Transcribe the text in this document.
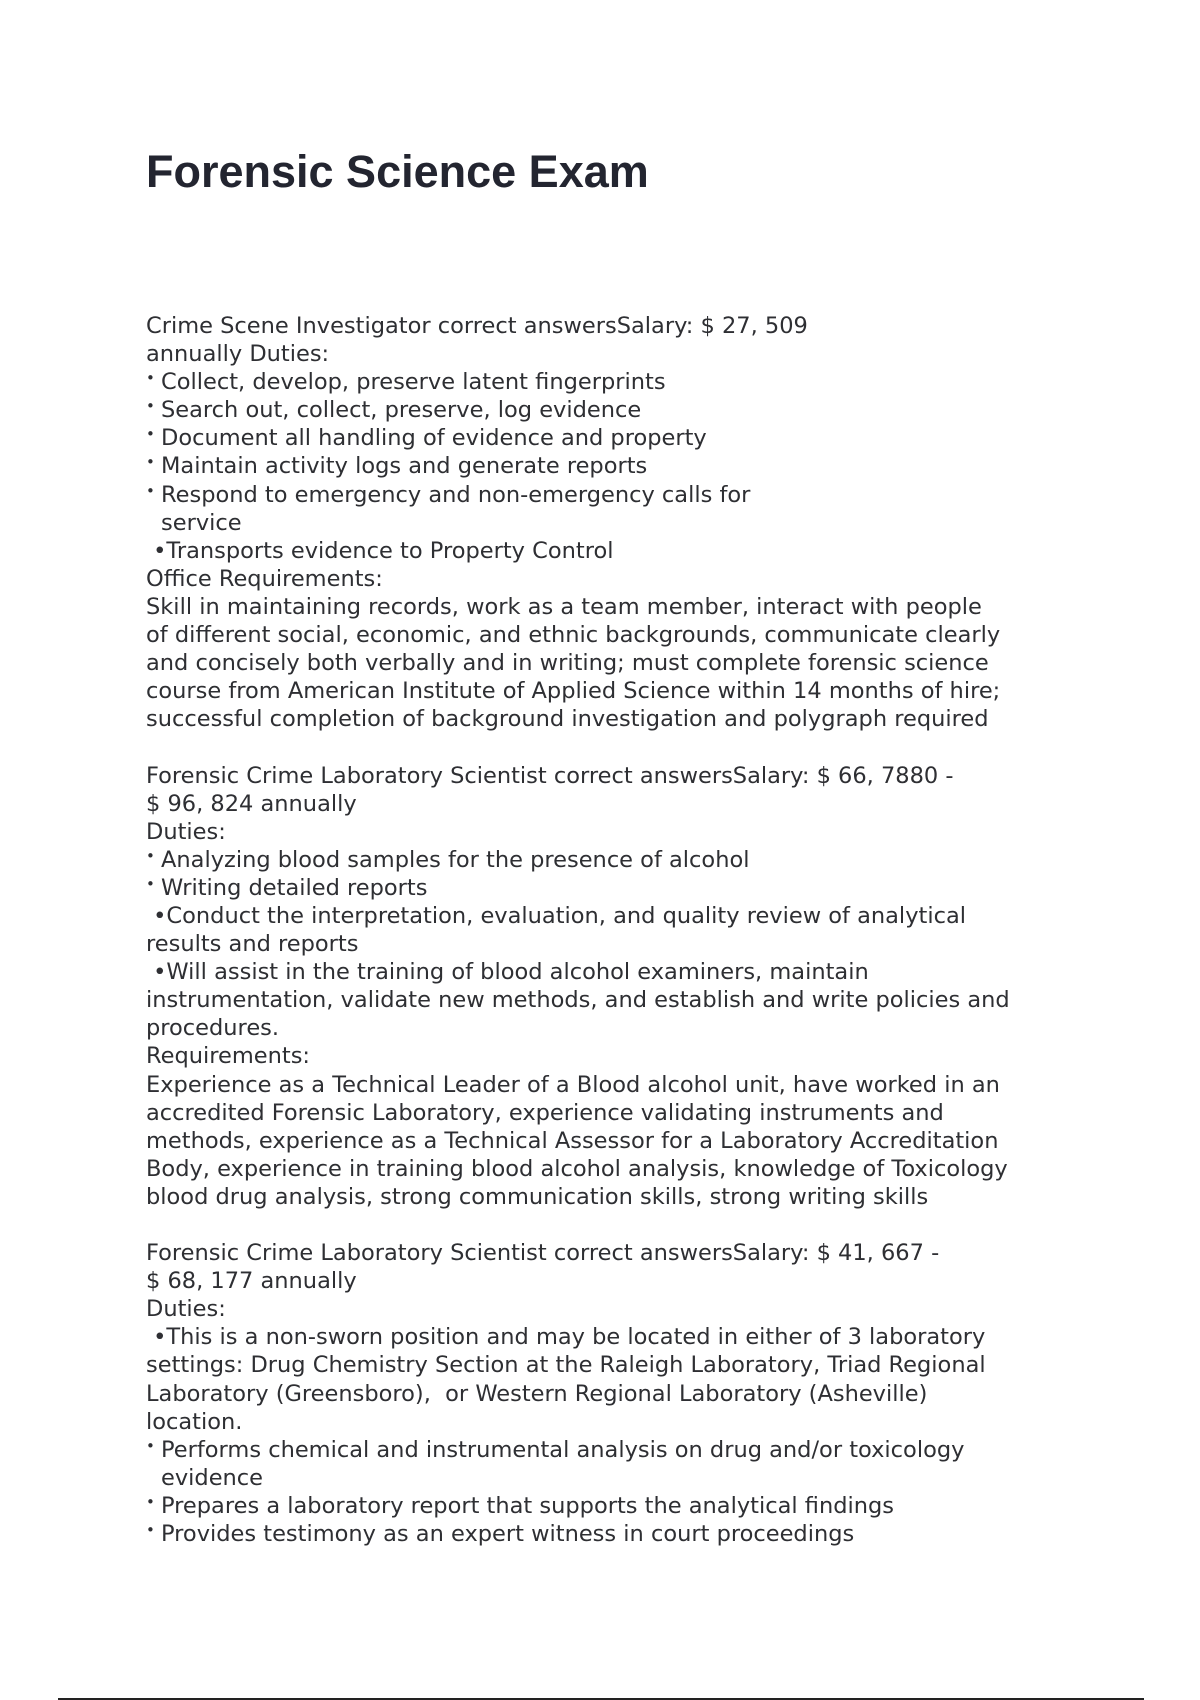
Forensic Science Exam
Crime Scene Investigator correct answersSalary: $ 27, 509
annually Duties:
• Collect, develop, preserve latent fingerprints
• Search out, collect, preserve, log evidence
• Document all handling of evidence and property
• Maintain activity logs and generate reports
• Respond to emergency and non-emergency calls for
service
•Transports evidence to Property Control
Office Requirements:
Skill in maintaining records, work as a team member, interact with people
of different social, economic, and ethnic backgrounds, communicate clearly
and concisely both verbally and in writing; must complete forensic science
course from American Institute of Applied Science within 14 months of hire;
successful completion of background investigation and polygraph required
Forensic Crime Laboratory Scientist correct answersSalary: $ 66, 7880 -
$ 96, 824 annually
Duties:
• Analyzing blood samples for the presence of alcohol
• Writing detailed reports
•Conduct the interpretation, evaluation, and quality review of analytical
results and reports
•Will assist in the training of blood alcohol examiners, maintain
instrumentation, validate new methods, and establish and write policies and
procedures.
Requirements:
Experience as a Technical Leader of a Blood alcohol unit, have worked in an
accredited Forensic Laboratory, experience validating instruments and
methods, experience as a Technical Assessor for a Laboratory Accreditation
Body, experience in training blood alcohol analysis, knowledge of Toxicology
blood drug analysis, strong communication skills, strong writing skills
Forensic Crime Laboratory Scientist correct answersSalary: $ 41, 667 -
$ 68, 177 annually
Duties:
•This is a non-sworn position and may be located in either of 3 laboratory
settings: Drug Chemistry Section at the Raleigh Laboratory, Triad Regional
Laboratory (Greensboro),  or Western Regional Laboratory (Asheville)
location.
• Performs chemical and instrumental analysis on drug and/or toxicology
evidence
• Prepares a laboratory report that supports the analytical findings
• Provides testimony as an expert witness in court proceedings
